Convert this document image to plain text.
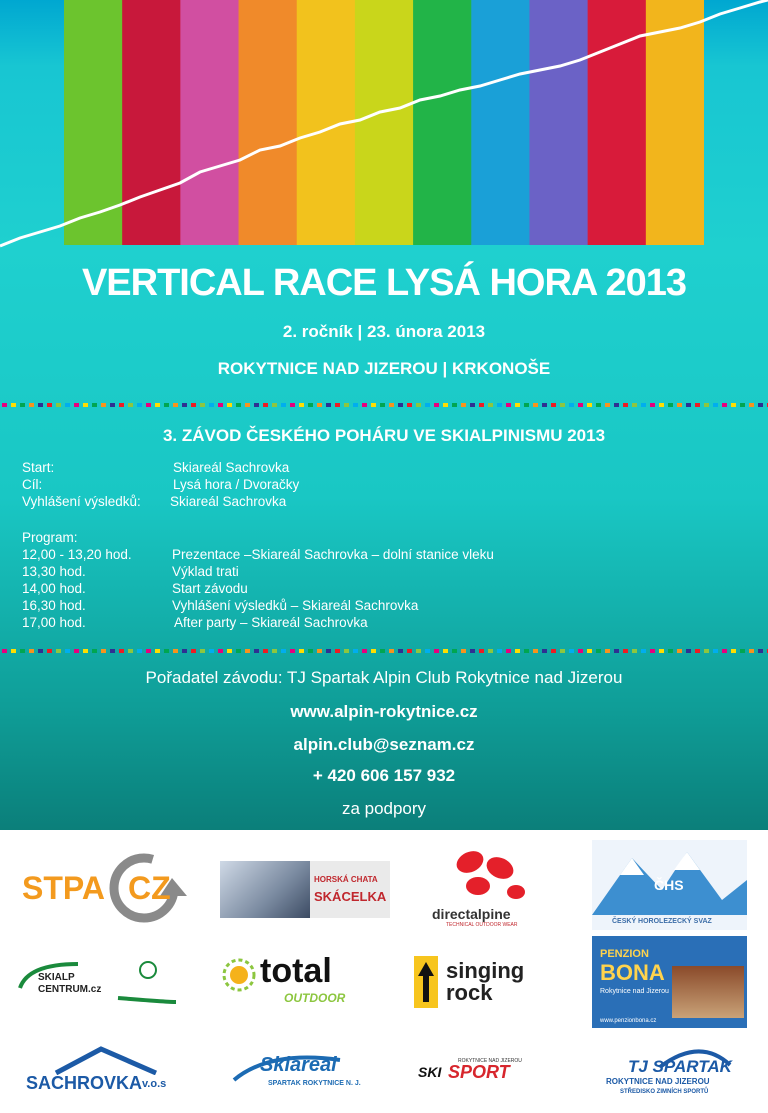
VERTICAL RACE LYSÁ HORA 2013
2. ročník | 23. února 2013
ROKYTNICE NAD JIZEROU | KRKONOŠE
3. ZÁVOD ČESKÉHO POHÁRU VE SKIALPINISMU 2013
Start:	Skiareál Sachrovka
Cíl:	Lysá hora / Dvoračky
Vyhlášení výsledků: Skiareál Sachrovka
Program:
12,00 - 13,20 hod.	Prezentace –Skiareál Sachrovka – dolní stanice vleku
13,30 hod.	Výklad trati
14,00 hod.	Start závodu
16,30 hod.	Vyhlášení výsledků – Skiareál Sachrovka
17,00 hod.	After party – Skiareál Sachrovka
Pořadatel závodu: TJ Spartak Alpin Club Rokytnice nad Jizerou
www.alpin-rokytnice.cz
alpin.club@seznam.cz
+ 420 606 157 932
za podpory
STPA CZ	HORSKÁ CHATA
SKÁCELKA
directalpine
TECHNICAL OUTDOOR WEAR
ČHS
ČESKÝ HOROLEZECKÝ SVAZ
SKIALP
CENTRUM.cz	total
OUTDOOR
singing
rock
PENZION
BONA
Rokytnice nad Jizerou
www.penzionbona.cz
SACHROVKA v.o.s
Skiareal
SPARTAK ROKYTNICE N. J.
ROKYTNICE NAD JIZEROU
SKI SPORT	TJ SPARTAK
ROKYTNICE NAD JIZEROU
STŘEDISKO ZIMNÍCH SPORTŮ
